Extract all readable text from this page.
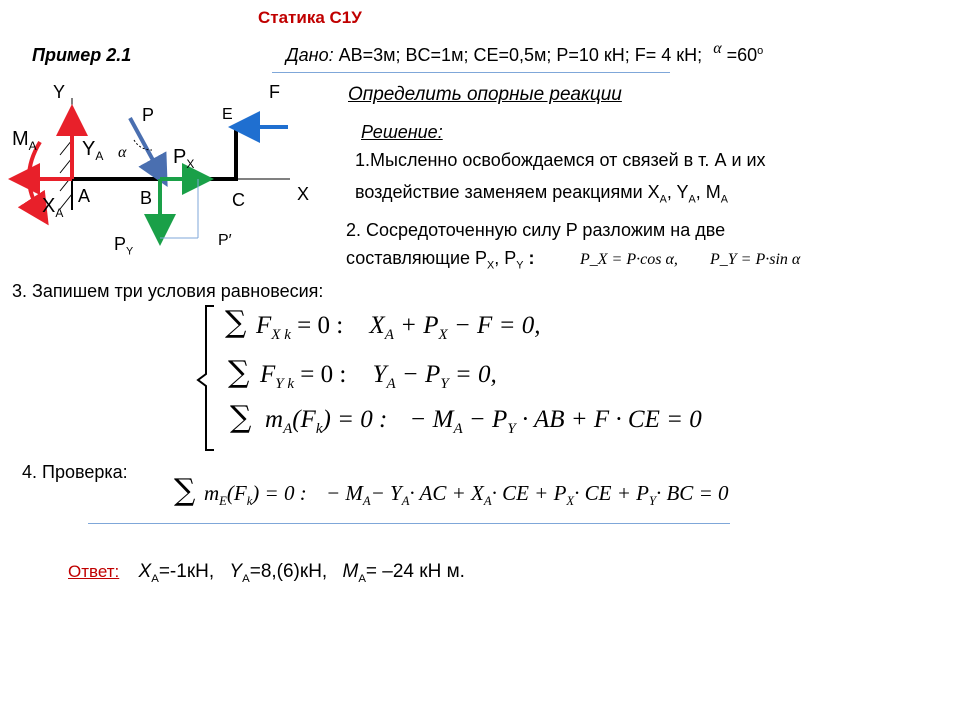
Статика С1У
Пример 2.1	Дано: AB=3м; BC=1м; CE=0,5м; P=10 кН; F= 4 кН; $\alpha =60^o$
Определить опорные реакции
Решение:
1.Мысленно освобождаемся от связей в т. А и их
воздействие заменяем реакциями $X_A$, $Y_A$, $M_A$
2. Сосредоточенную силу P разложим на две
составляющие $P_X$, $P_Y$ :	P_X = P·cos α, P_Y = P·sin α
3. Запишем три условия равновесия:
∑ $F_{X k} = 0$ : $X_A + P_X - F = 0$,
∑ $F_{Y k} = 0$ : $Y_A - P_Y = 0$,
∑ $m_A(F_k) = 0$ : − $M_A - P_Y$ · AB + F · CE = 0
4. Проверка:
∑ $m_E(F_k) = 0$ : − $M_A- Y_A\cdot$ AC + $X_A\cdot$ CE + $P_X\cdot$ CE + $P_Y\cdot$ BC = 0
Ответ: $X_A=-1кН$, $Y_A=8,(6)кН$, $M_A= -24$ кН м.
Y
X
P
F
E
$M_A$ $Y_A$ α $P_X$
$X_A$
A	B	C
$P_Y$
P′
